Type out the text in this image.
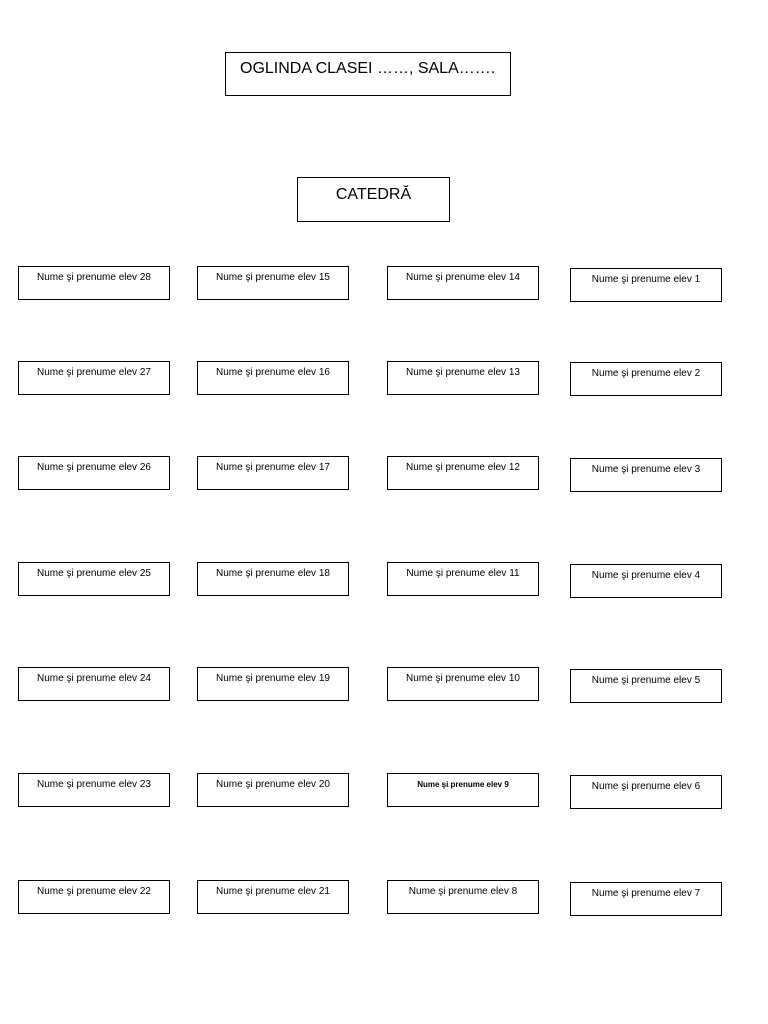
OGLINDA CLASEI ……, SALA…….
CATEDRĂ
Nume şi prenume elev 28
Nume şi prenume elev 27
Nume şi prenume elev 26
Nume şi prenume elev 25
Nume şi prenume elev 24
Nume şi prenume elev 23
Nume şi prenume elev 22
Nume şi prenume elev 15
Nume şi prenume elev 16
Nume şi prenume elev 17
Nume şi prenume elev 18
Nume şi prenume elev 19
Nume şi prenume elev 20
Nume şi prenume elev 21
Nume şi prenume elev 14
Nume şi prenume elev 13
Nume şi prenume elev 12
Nume şi prenume elev 11
Nume şi prenume elev 10
Nume şi prenume elev 9
Nume şi prenume elev 8
Nume şi prenume elev 1
Nume şi prenume elev 2
Nume şi prenume elev 3
Nume şi prenume elev 4
Nume şi prenume elev 5
Nume şi prenume elev 6
Nume şi prenume elev 7
